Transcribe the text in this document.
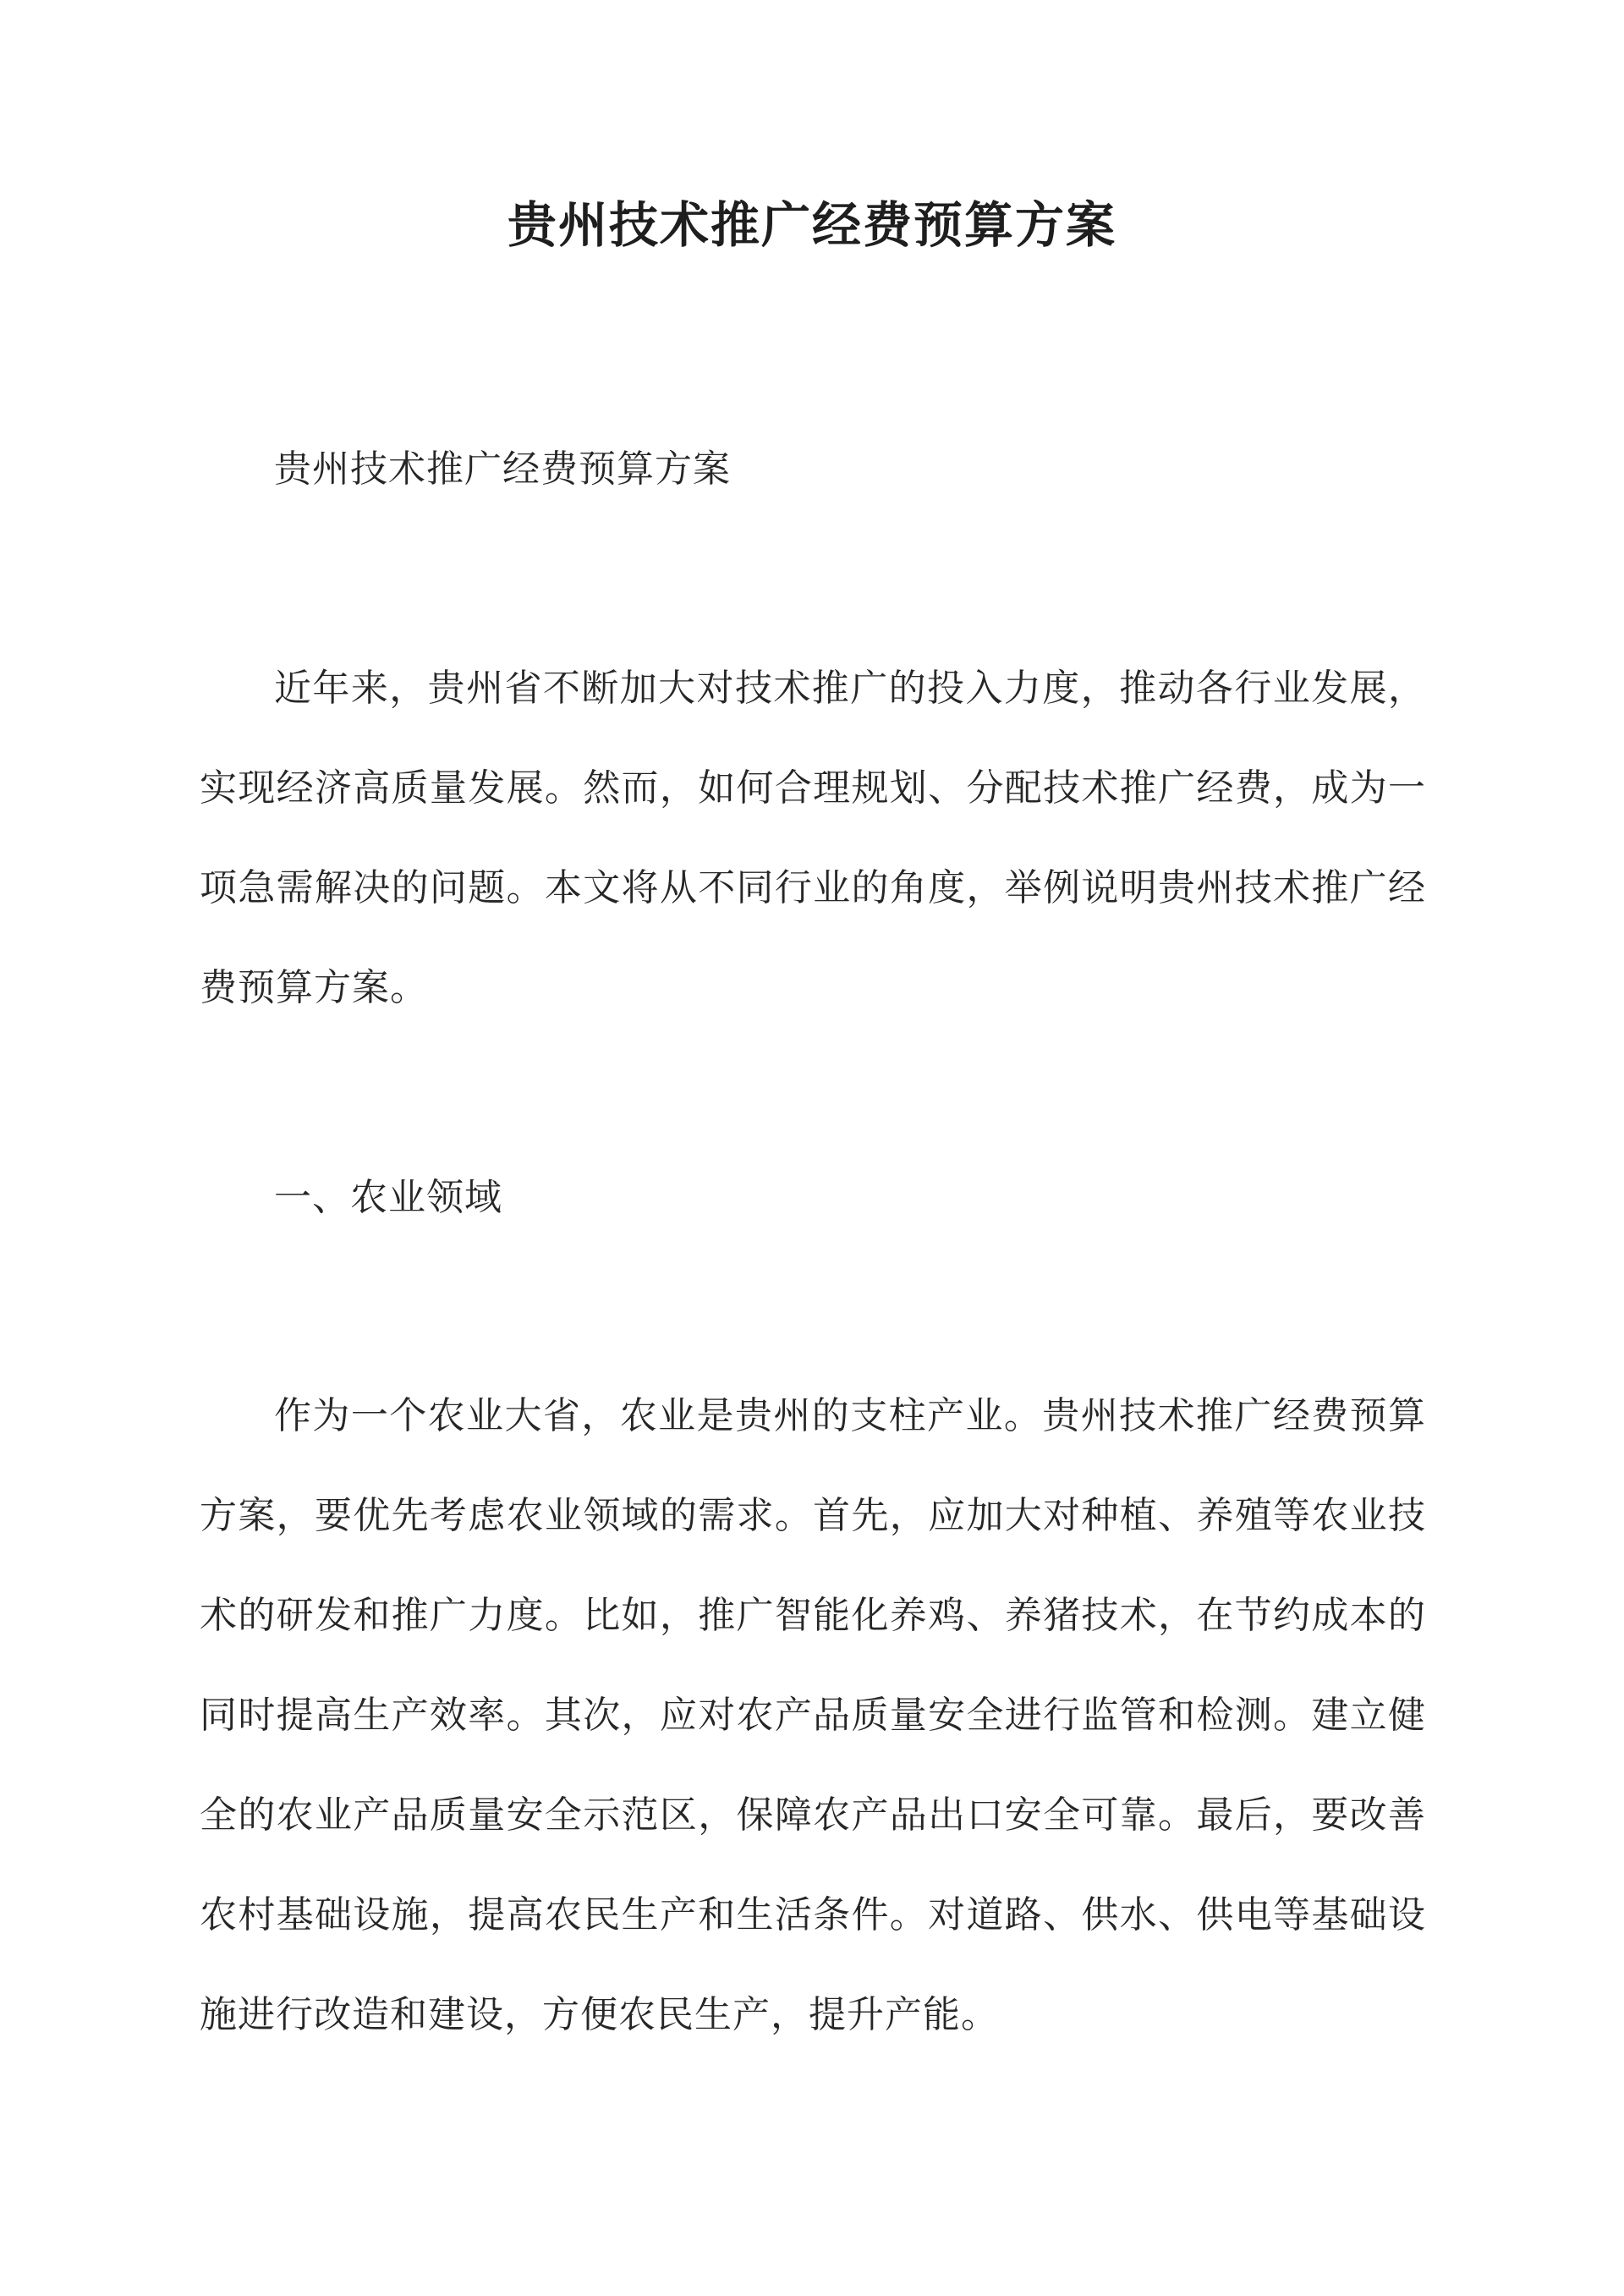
贵州技术推广经费预算方案

贵州技术推广经费预算方案

近年来，贵州省不断加大对技术推广的投入力度，推动各行业发展，实现经济高质量发展。然而，如何合理规划、分配技术推广经费，成为一项急需解决的问题。本文将从不同行业的角度，举例说明贵州技术推广经费预算方案。

一、农业领域

作为一个农业大省，农业是贵州的支柱产业。贵州技术推广经费预算方案，要优先考虑农业领域的需求。首先，应加大对种植、养殖等农业技术的研发和推广力度。比如，推广智能化养鸡、养猪技术，在节约成本的同时提高生产效率。其次，应对农产品质量安全进行监管和检测。建立健全的农业产品质量安全示范区，保障农产品出口安全可靠。最后，要改善农村基础设施，提高农民生产和生活条件。对道路、供水、供电等基础设施进行改造和建设，方便农民生产，提升产能。
